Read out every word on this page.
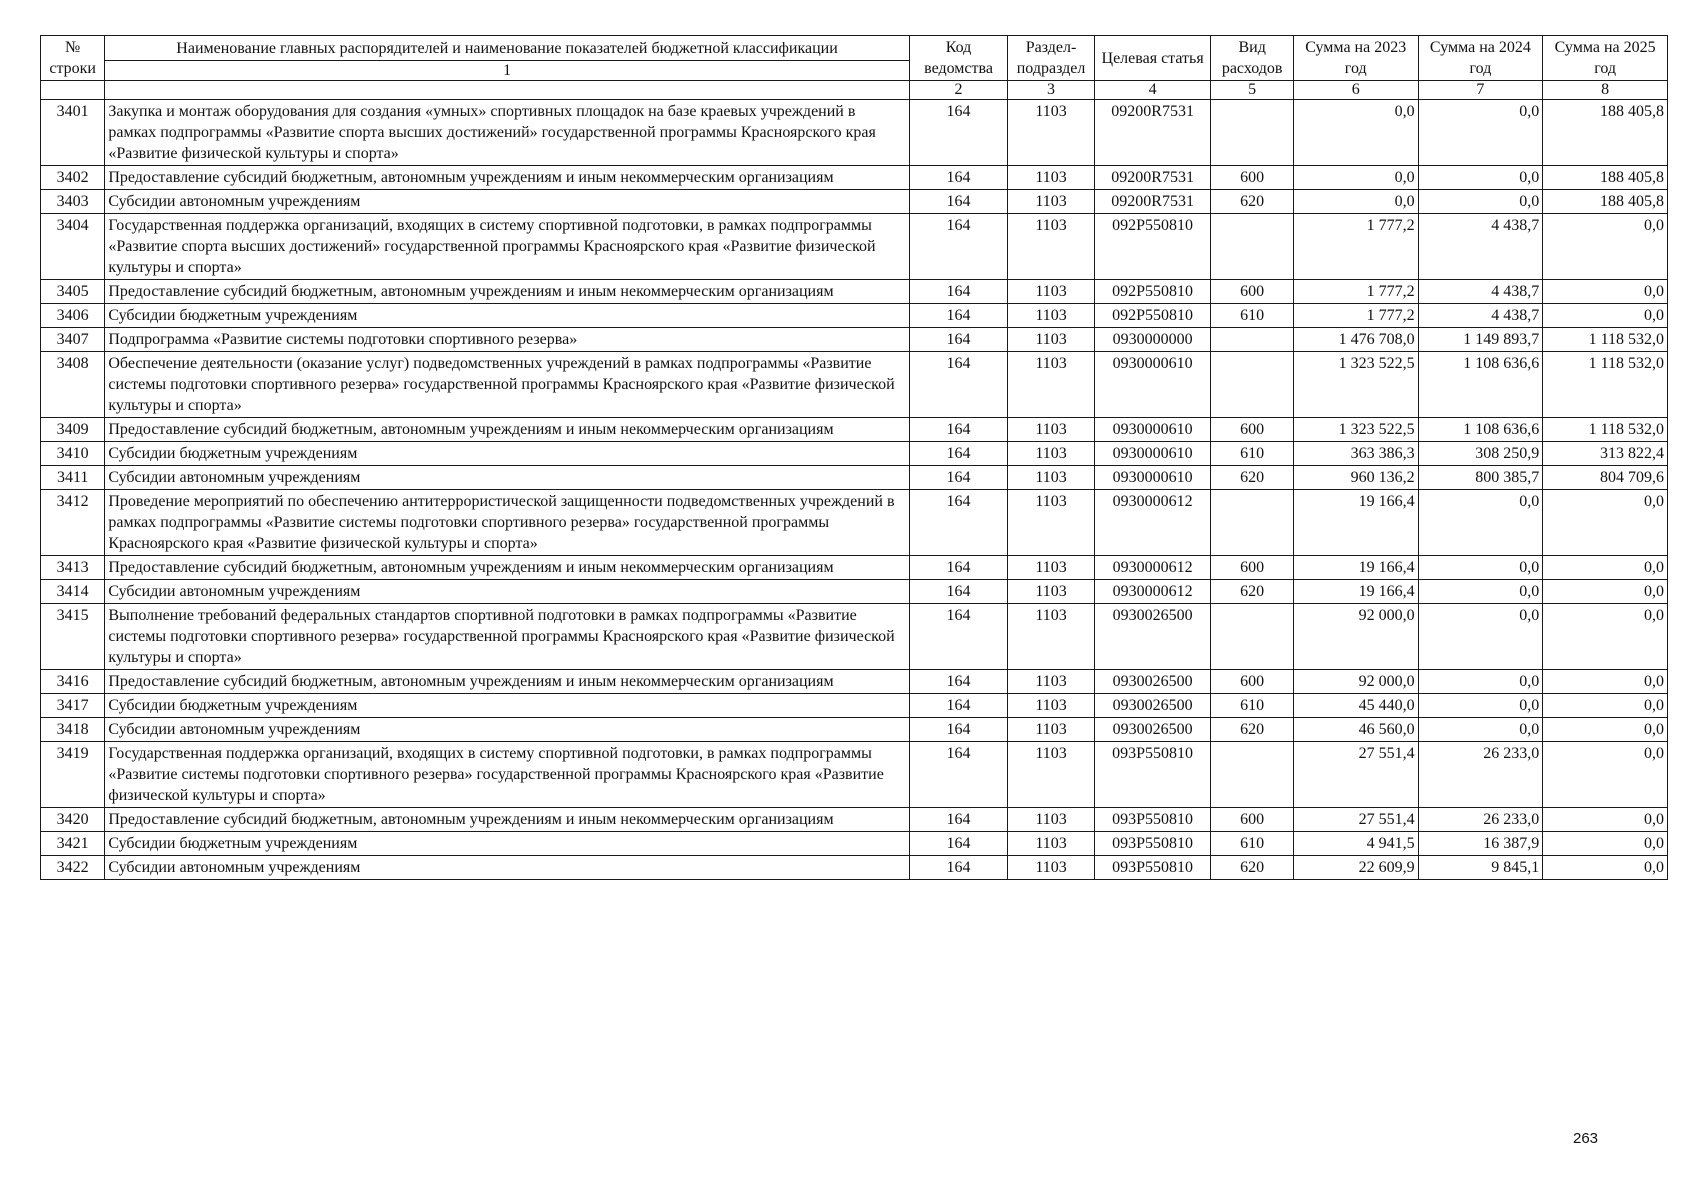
№ строки	Наименование главных распорядителей и наименование показателей бюджетной классификации	Код ведомства	Раздел-подраздел	Целевая статья	Вид расходов	Сумма на 2023 год	Сумма на 2024 год	Сумма на 2025 год
	1							
		2	3	4	5	6	7	8
3401	Закупка и монтаж оборудования для создания «умных» спортивных площадок на базе краевых учреждений в рамках подпрограммы «Развитие спорта высших достижений» государственной программы Красноярского края «Развитие физической культуры и спорта»	164	1103	09200R7531		0,0	0,0	188 405,8
3402	Предоставление субсидий бюджетным, автономным учреждениям и иным некоммерческим организациям	164	1103	09200R7531	600	0,0	0,0	188 405,8
3403	Субсидии автономным учреждениям	164	1103	09200R7531	620	0,0	0,0	188 405,8
3404	Государственная поддержка организаций, входящих в систему спортивной подготовки, в рамках подпрограммы «Развитие спорта высших достижений» государственной программы Красноярского края «Развитие физической культуры и спорта»	164	1103	092P550810		1 777,2	4 438,7	0,0
3405	Предоставление субсидий бюджетным, автономным учреждениям и иным некоммерческим организациям	164	1103	092P550810	600	1 777,2	4 438,7	0,0
3406	Субсидии бюджетным учреждениям	164	1103	092P550810	610	1 777,2	4 438,7	0,0
3407	Подпрограмма «Развитие системы подготовки спортивного резерва»	164	1103	0930000000		1 476 708,0	1 149 893,7	1 118 532,0
3408	Обеспечение деятельности (оказание услуг) подведомственных учреждений в рамках подпрограммы «Развитие системы подготовки спортивного резерва» государственной программы Красноярского края «Развитие физической культуры и спорта»	164	1103	0930000610		1 323 522,5	1 108 636,6	1 118 532,0
3409	Предоставление субсидий бюджетным, автономным учреждениям и иным некоммерческим организациям	164	1103	0930000610	600	1 323 522,5	1 108 636,6	1 118 532,0
3410	Субсидии бюджетным учреждениям	164	1103	0930000610	610	363 386,3	308 250,9	313 822,4
3411	Субсидии автономным учреждениям	164	1103	0930000610	620	960 136,2	800 385,7	804 709,6
3412	Проведение мероприятий по обеспечению антитеррористической защищенности подведомственных учреждений в рамках подпрограммы «Развитие системы подготовки спортивного резерва» государственной программы Красноярского края «Развитие физической культуры и спорта»	164	1103	0930000612		19 166,4	0,0	0,0
3413	Предоставление субсидий бюджетным, автономным учреждениям и иным некоммерческим организациям	164	1103	0930000612	600	19 166,4	0,0	0,0
3414	Субсидии автономным учреждениям	164	1103	0930000612	620	19 166,4	0,0	0,0
3415	Выполнение требований федеральных стандартов спортивной подготовки в рамках подпрограммы «Развитие системы подготовки спортивного резерва» государственной программы Красноярского края «Развитие физической культуры и спорта»	164	1103	0930026500		92 000,0	0,0	0,0
3416	Предоставление субсидий бюджетным, автономным учреждениям и иным некоммерческим организациям	164	1103	0930026500	600	92 000,0	0,0	0,0
3417	Субсидии бюджетным учреждениям	164	1103	0930026500	610	45 440,0	0,0	0,0
3418	Субсидии автономным учреждениям	164	1103	0930026500	620	46 560,0	0,0	0,0
3419	Государственная поддержка организаций, входящих в систему спортивной подготовки, в рамках подпрограммы «Развитие системы подготовки спортивного резерва» государственной программы Красноярского края «Развитие физической культуры и спорта»	164	1103	093P550810		27 551,4	26 233,0	0,0
3420	Предоставление субсидий бюджетным, автономным учреждениям и иным некоммерческим организациям	164	1103	093P550810	600	27 551,4	26 233,0	0,0
3421	Субсидии бюджетным учреждениям	164	1103	093P550810	610	4 941,5	16 387,9	0,0
3422	Субсидии автономным учреждениям	164	1103	093P550810	620	22 609,9	9 845,1	0,0
263
